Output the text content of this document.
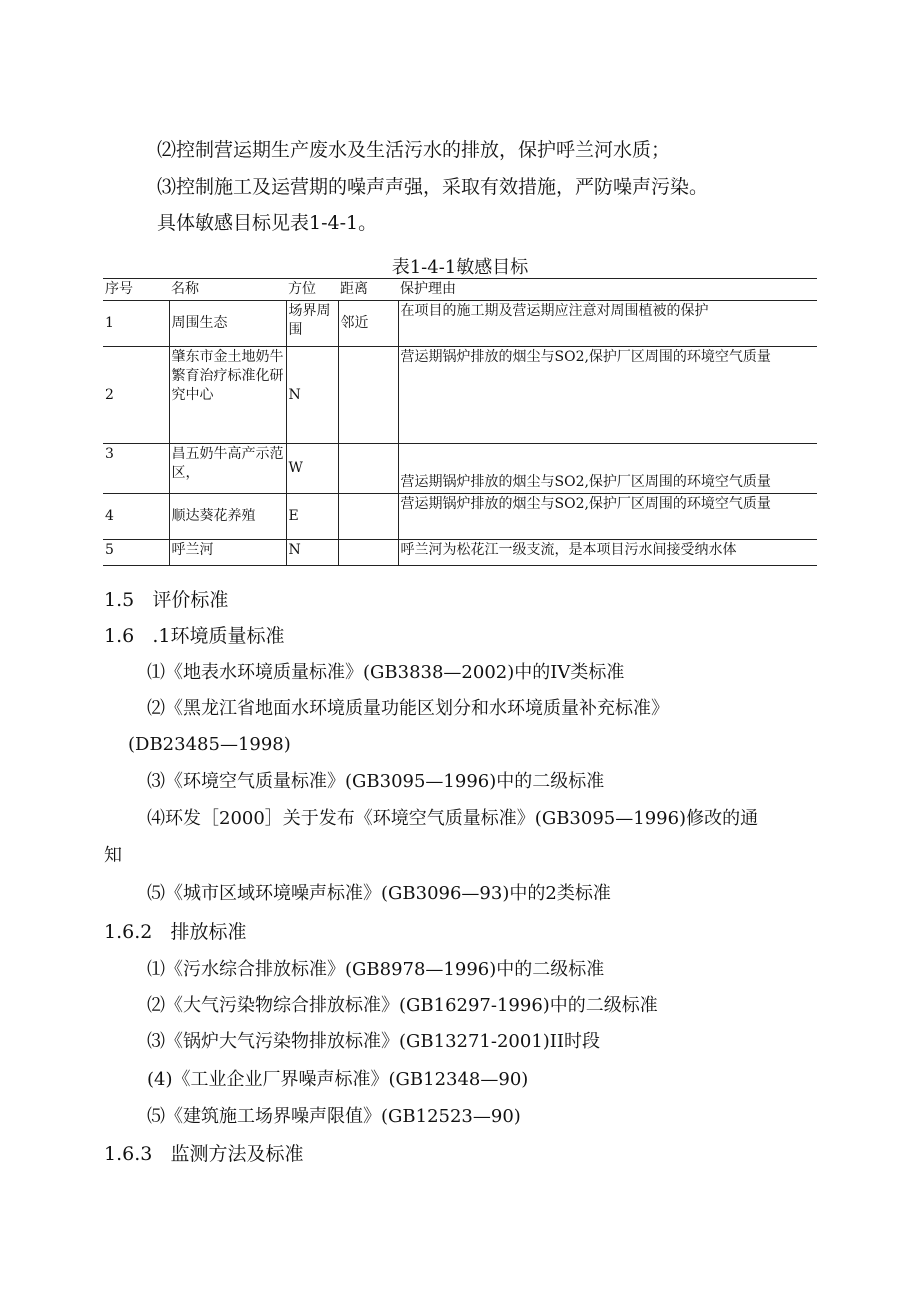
⑵控制营运期生产废水及生活污水的排放，保护呼兰河水质；
⑶控制施工及运营期的噪声声强，采取有效措施，严防噪声污染。
具体敏感目标见表1-4-1。
表1-4-1敏感目标
序号	名称	方位	距离	保护理由
1	周围生态	场界周围	邻近	在项目的施工期及营运期应注意对周围植被的保护
2	肇东市金土地奶牛繁育治疗标准化研究中心	N		营运期锅炉排放的烟尘与SO2,保护厂区周围的环境空气质量
3	昌五奶牛高产示范区，	W		营运期锅炉排放的烟尘与SO2,保护厂区周围的环境空气质量
4	顺达葵花养殖	E		营运期锅炉排放的烟尘与SO2,保护厂区周围的环境空气质量
5	呼兰河	N		呼兰河为松花江一级支流，是本项目污水间接受纳水体
1.5 评价标准
1.6 .1环境质量标准
⑴《地表水环境质量标准》(GB3838—2002)中的IV类标准
⑵《黑龙江省地面水环境质量功能区划分和水环境质量补充标准》
(DB23485—1998)
⑶《环境空气质量标准》(GB3095—1996)中的二级标准
⑷环发［2000］关于发布《环境空气质量标准》(GB3095—1996)修改的通
知
⑸《城市区域环境噪声标准》(GB3096—93)中的2类标准
1.6.2 排放标准
⑴《污水综合排放标准》(GB8978—1996)中的二级标准
⑵《大气污染物综合排放标准》(GB16297-1996)中的二级标准
⑶《锅炉大气污染物排放标准》(GB13271-2001)II时段
(4)《工业企业厂界噪声标准》(GB12348—90)
⑸《建筑施工场界噪声限值》(GB12523—90)
1.6.3 监测方法及标准
